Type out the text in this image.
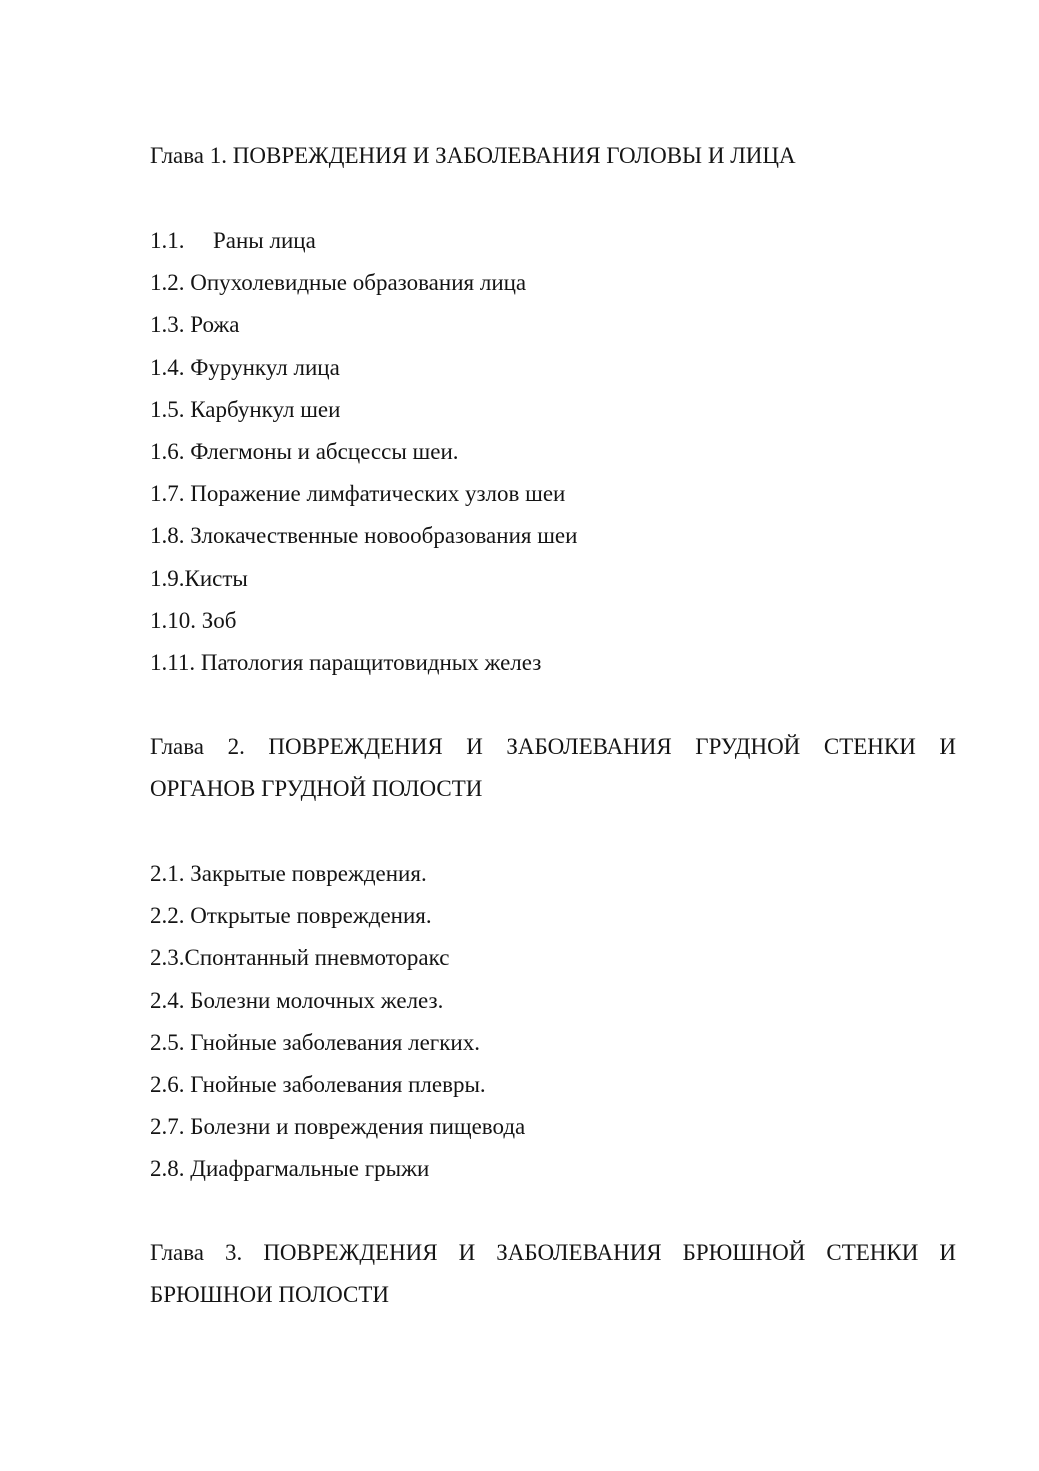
Глава 1. ПОВРЕЖДЕНИЯ И ЗАБОЛЕВАНИЯ ГОЛОВЫ И ЛИЦА
1.1. Раны лица
1.2. Опухолевидные образования лица
1.3. Рожа
1.4. Фурункул лица
1.5. Карбункул шеи
1.6. Флегмоны и абсцессы шеи.
1.7. Поражение лимфатических узлов шеи
1.8. Злокачественные новообразования шеи
1.9.Кисты
1.10. Зоб
1.11. Патология паращитовидных желез
Глава 2. ПОВРЕЖДЕНИЯ И ЗАБОЛЕВАНИЯ ГРУДНОЙ СТЕНКИ И
ОРГАНОВ ГРУДНОЙ ПОЛОСТИ
2.1. Закрытые повреждения.
2.2. Открытые повреждения.
2.3.Спонтанный пневмоторакс
2.4. Болезни молочных желез.
2.5. Гнойные заболевания легких.
2.6. Гнойные заболевания плевры.
2.7. Болезни и повреждения пищевода
2.8. Диафрагмальные грыжи
Глава 3. ПОВРЕЖДЕНИЯ И ЗАБОЛЕВАНИЯ БРЮШНОЙ СТЕНКИ И
БРЮШНОИ ПОЛОСТИ
